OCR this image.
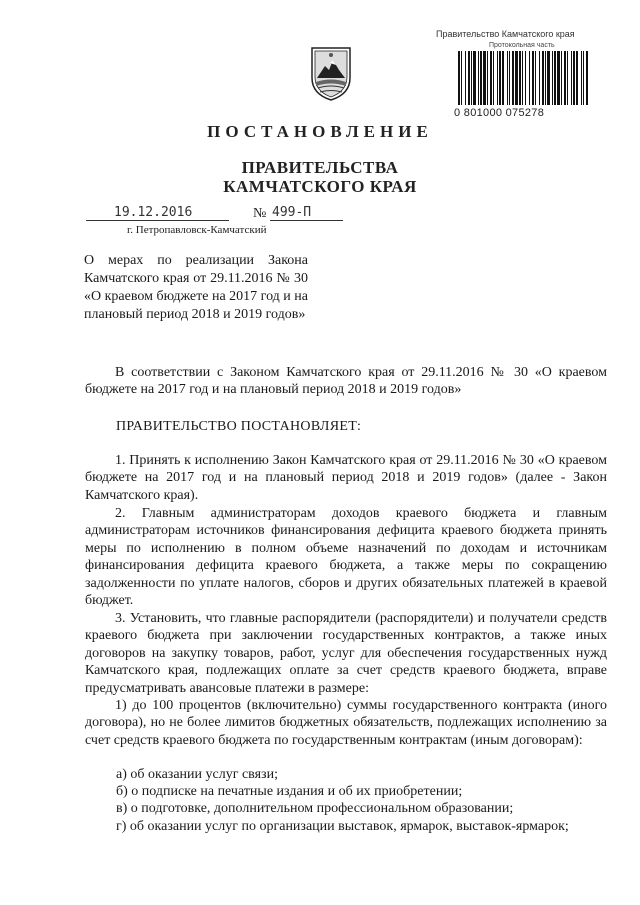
Правительство Камчатского края
Протокольная часть
0 801000 075278
ПОСТАНОВЛЕНИЕ
ПРАВИТЕЛЬСТВА
КАМЧАТСКОГО КРАЯ
19.12.2016	№ 499-П
г. Петропавловск-Камчатский
О мерах по реализации Закона Камчатского края от 29.11.2016 № 30 «О краевом бюджете на 2017 год и на плановый период 2018 и 2019 годов»
В соответствии с Законом Камчатского края от 29.11.2016 № 30 «О краевом бюджете на 2017 год и на плановый период 2018 и 2019 годов»
ПРАВИТЕЛЬСТВО ПОСТАНОВЛЯЕТ:
1. Принять к исполнению Закон Камчатского края от 29.11.2016 № 30 «О краевом бюджете на 2017 год и на плановый период 2018 и 2019 годов» (далее - Закон Камчатского края).
2. Главным администраторам доходов краевого бюджета и главным администраторам источников финансирования дефицита краевого бюджета принять меры по исполнению в полном объеме назначений по доходам и источникам финансирования дефицита краевого бюджета, а также меры по сокращению задолженности по уплате налогов, сборов и других обязательных платежей в краевой бюджет.
3. Установить, что главные распорядители (распорядители) и получатели средств краевого бюджета при заключении государственных контрактов, а также иных договоров на закупку товаров, работ, услуг для обеспечения государственных нужд Камчатского края, подлежащих оплате за счет средств краевого бюджета, вправе предусматривать авансовые платежи в размере:
1) до 100 процентов (включительно) суммы государственного контракта (иного договора), но не более лимитов бюджетных обязательств, подлежащих исполнению за счет средств краевого бюджета по государственным контрактам (иным договорам):
а) об оказании услуг связи;
б) о подписке на печатные издания и об их приобретении;
в) о подготовке, дополнительном профессиональном образовании;
г) об оказании услуг по организации выставок, ярмарок, выставок-ярмарок;
